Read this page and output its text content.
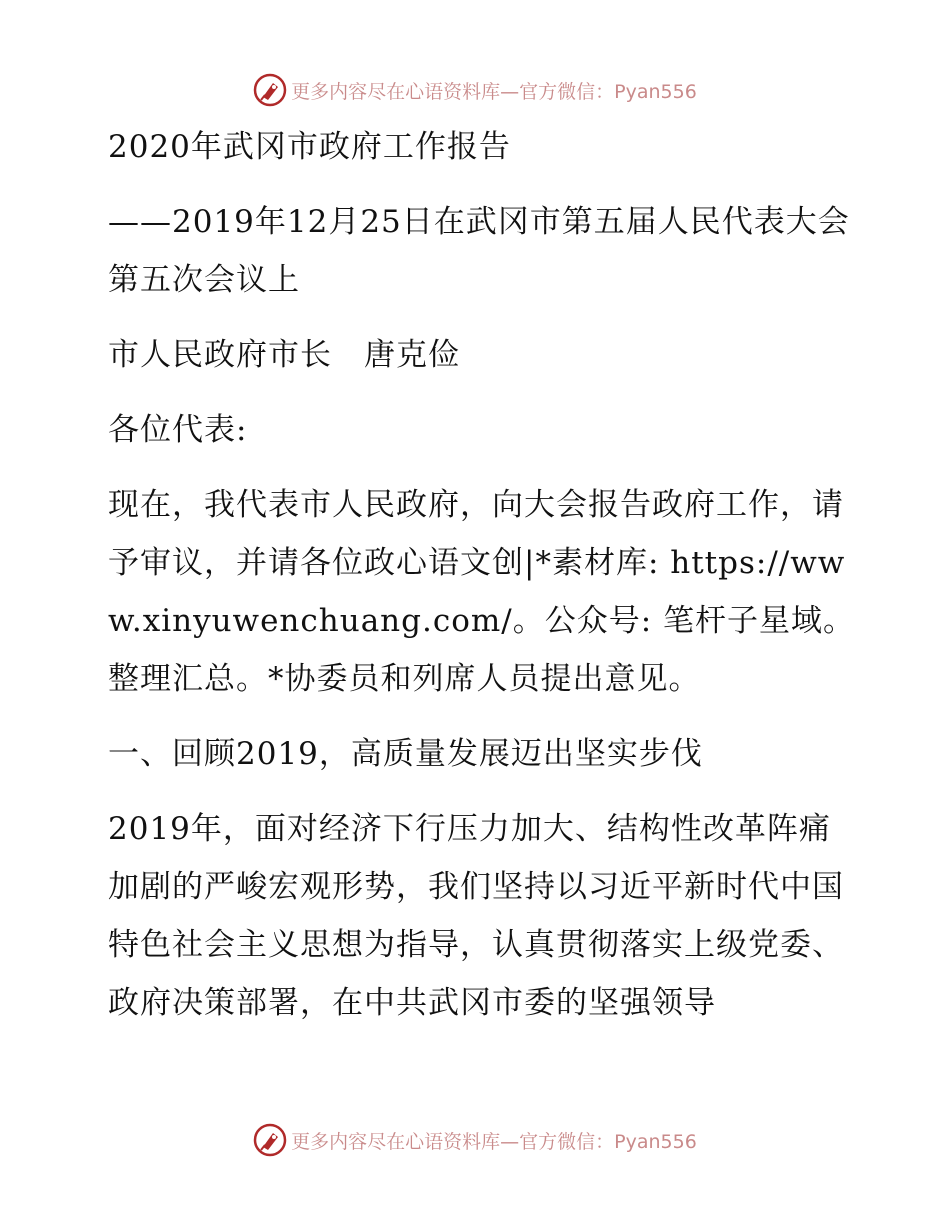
更多内容尽在心语资料库—官方微信：Pyan556

2020年武冈市政府工作报告

——2019年12月25日在武冈市第五届人民代表大会第五次会议上

市人民政府市长　唐克俭

各位代表:

现在，我代表市人民政府，向大会报告政府工作，请予审议，并请各位政心语文创|*素材库: https://www.xinyuwenchuang.com/。公众号: 笔杆子星域。整理汇总。*协委员和列席人员提出意见。

一、回顾2019，高质量发展迈出坚实步伐

2019年，面对经济下行压力加大、结构性改革阵痛加剧的严峻宏观形势，我们坚持以习近平新时代中国特色社会主义思想为指导，认真贯彻落实上级党委、政府决策部署，在中共武冈市委的坚强领导

更多内容尽在心语资料库—官方微信：Pyan556
